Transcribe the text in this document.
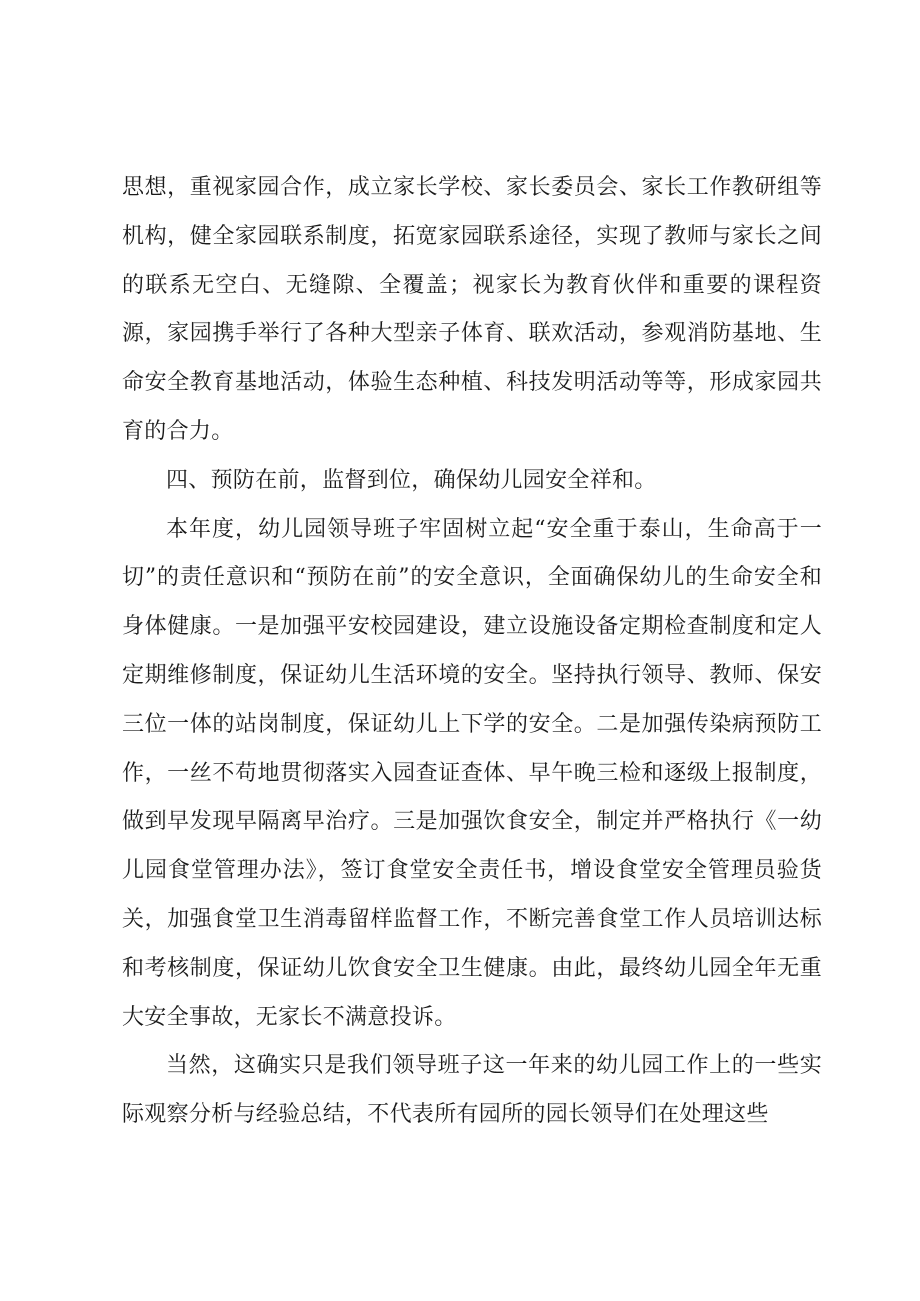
思想，重视家园合作，成立家长学校、家长委员会、家长工作教研组等机构，健全家园联系制度，拓宽家园联系途径，实现了教师与家长之间的联系无空白、无缝隙、全覆盖；视家长为教育伙伴和重要的课程资源，家园携手举行了各种大型亲子体育、联欢活动，参观消防基地、生命安全教育基地活动，体验生态种植、科技发明活动等等，形成家园共育的合力。

四、预防在前，监督到位，确保幼儿园安全祥和。

本年度，幼儿园领导班子牢固树立起“安全重于泰山，生命高于一切”的责任意识和“预防在前”的安全意识，全面确保幼儿的生命安全和身体健康。一是加强平安校园建设，建立设施设备定期检查制度和定人定期维修制度，保证幼儿生活环境的安全。坚持执行领导、教师、保安三位一体的站岗制度，保证幼儿上下学的安全。二是加强传染病预防工作，一丝不苟地贯彻落实入园查证查体、早午晚三检和逐级上报制度，做到早发现早隔离早治疗。三是加强饮食安全，制定并严格执行《一幼儿园食堂管理办法》，签订食堂安全责任书，增设食堂安全管理员验货关，加强食堂卫生消毒留样监督工作，不断完善食堂工作人员培训达标和考核制度，保证幼儿饮食安全卫生健康。由此，最终幼儿园全年无重大安全事故，无家长不满意投诉。

当然，这确实只是我们领导班子这一年来的幼儿园工作上的一些实际观察分析与经验总结，不代表所有园所的园长领导们在处理这些
